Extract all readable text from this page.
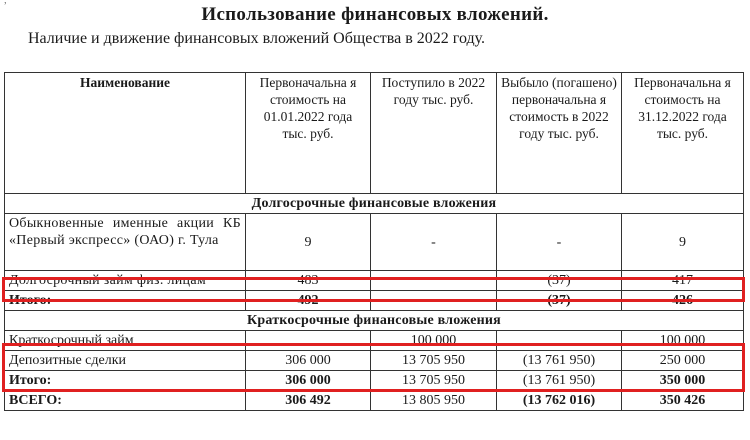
,
Использование финансовых вложений.
Наличие и движение финансовых вложений Общества в 2022 году.
Наименование	Первоначальна я стоимость на 01.01.2022 года тыс. руб.	Поступило в 2022 году тыс. руб.	Выбыло (погашено) первоначальна я стоимость в 2022 году тыс. руб.	Первоначальна я стоимость на 31.12.2022 года тыс. руб.
Долгосрочные финансовые вложения				
Обыкновенные именные акции КБ «Первый экспресс» (ОАО) г. Тула	9	-	-	9
Долгосрочный займ физ. лицам	483		(37)	417
Итого:	492		(37)	426
Краткосрочные финансовые вложения				
Краткосрочный займ		100 000		100 000
Депозитные сделки	306 000	13 705 950	(13 761 950)	250 000
Итого:	306 000	13 705 950	(13 761 950)	350 000
ВСЕГО:	306 492	13 805 950	(13 762 016)	350 426
